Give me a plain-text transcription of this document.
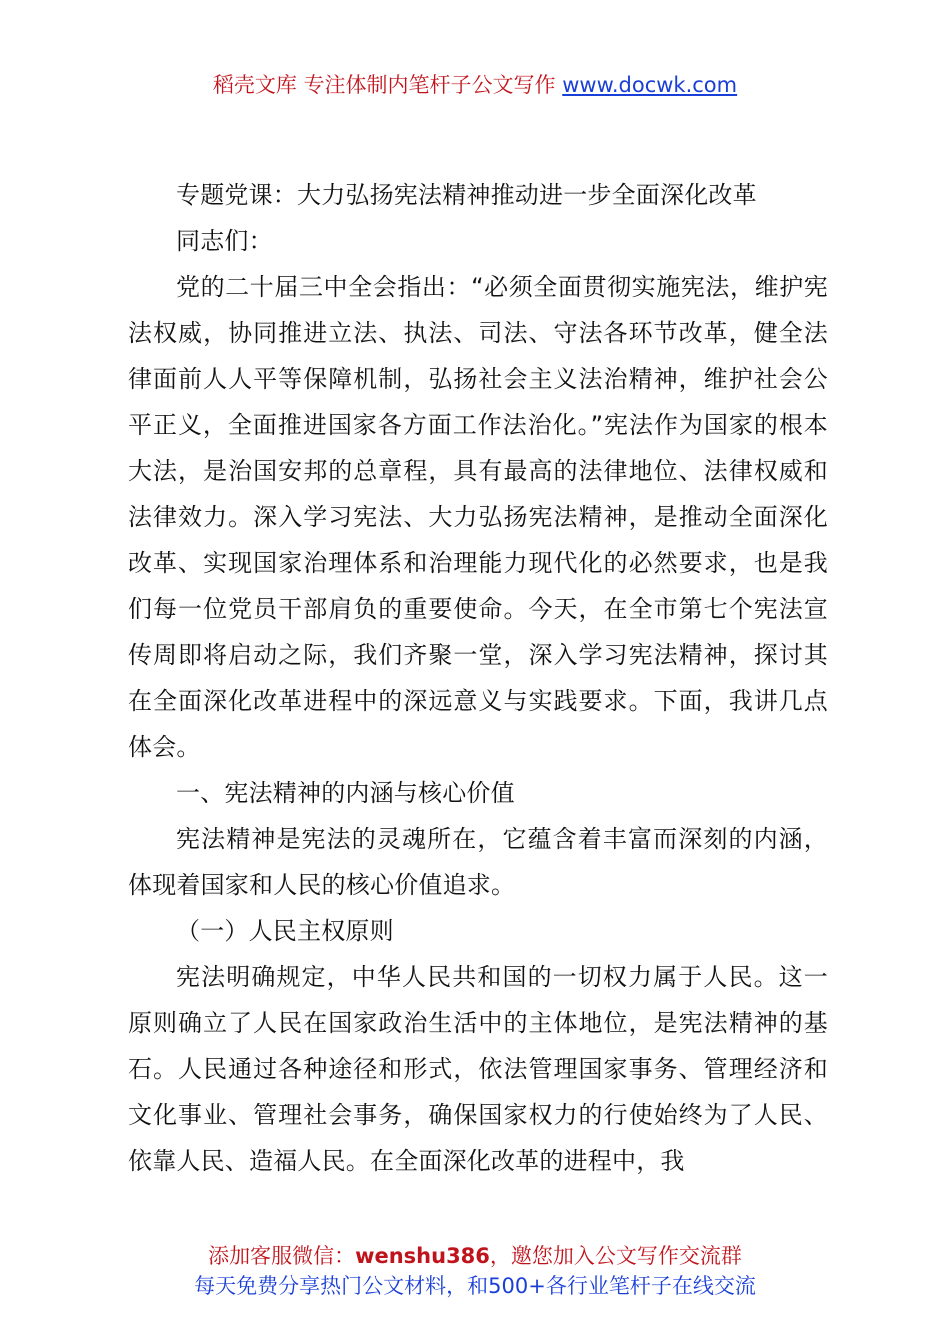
稻壳文库 专注体制内笔杆子公文写作 www.docwk.com

专题党课：大力弘扬宪法精神推动进一步全面深化改革

同志们：

党的二十届三中全会指出：“必须全面贯彻实施宪法，维护宪法权威，协同推进立法、执法、司法、守法各环节改革，健全法律面前人人平等保障机制，弘扬社会主义法治精神，维护社会公平正义，全面推进国家各方面工作法治化。”宪法作为国家的根本大法，是治国安邦的总章程，具有最高的法律地位、法律权威和法律效力。深入学习宪法、大力弘扬宪法精神，是推动全面深化改革、实现国家治理体系和治理能力现代化的必然要求，也是我们每一位党员干部肩负的重要使命。今天，在全市第七个宪法宣传周即将启动之际，我们齐聚一堂，深入学习宪法精神，探讨其在全面深化改革进程中的深远意义与实践要求。下面，我讲几点体会。

一、宪法精神的内涵与核心价值

宪法精神是宪法的灵魂所在，它蕴含着丰富而深刻的内涵，体现着国家和人民的核心价值追求。

（一）人民主权原则

宪法明确规定，中华人民共和国的一切权力属于人民。这一原则确立了人民在国家政治生活中的主体地位，是宪法精神的基石。人民通过各种途径和形式，依法管理国家事务、管理经济和文化事业、管理社会事务，确保国家权力的行使始终为了人民、依靠人民、造福人民。在全面深化改革的进程中，我

添加客服微信：wenshu386，邀您加入公文写作交流群
每天免费分享热门公文材料，和500+各行业笔杆子在线交流
